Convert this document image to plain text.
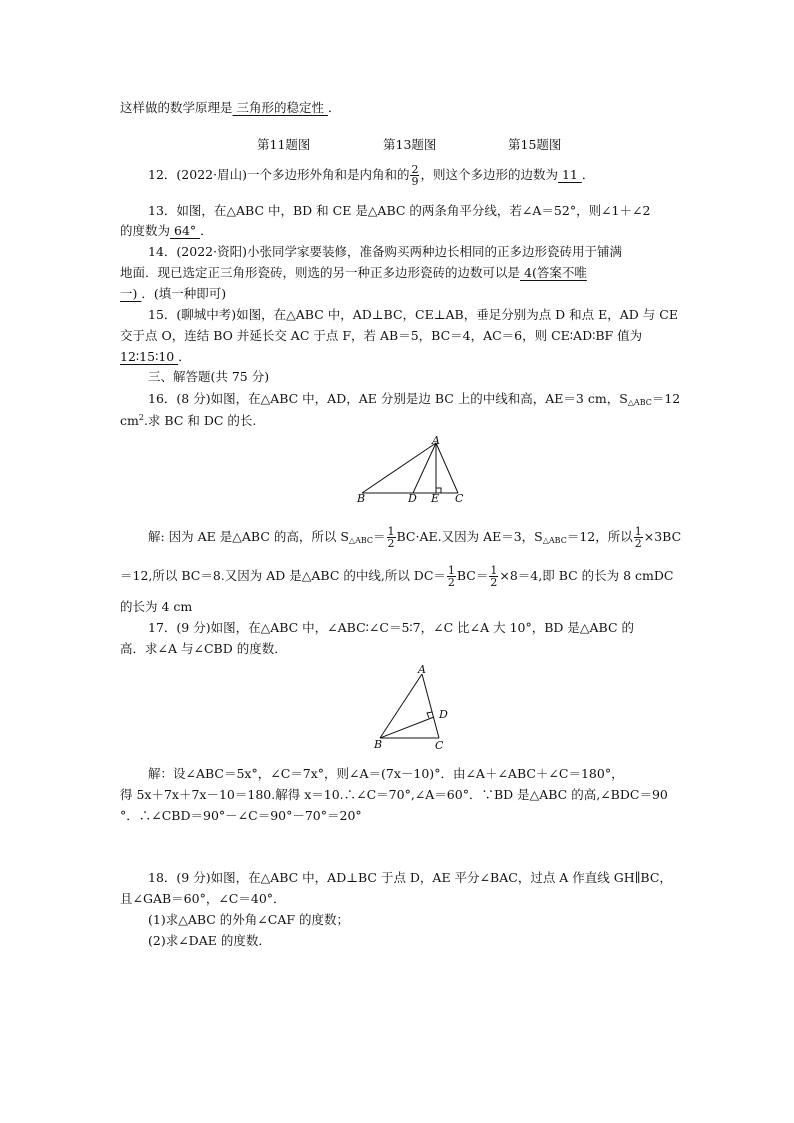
这样做的数学原理是 三角形的稳定性 ．
第11题图	第13题图	第15题图
12．(2022·眉山)一个多边形外角和是内角和的 $\frac{2}{9}$ ，则这个多边形的边数为 11 ．
13．如图，在△ABC 中，BD 和 CE 是△ABC 的两条角平分线，若∠A＝52°，则∠1＋∠2
的度数为 64° ．
14．(2022·资阳)小张同学家要装修，准备购买两种边长相同的正多边形瓷砖用于铺满
地面．现已选定正三角形瓷砖，则选的另一种正多边形瓷砖的边数可以是 4(答案不唯
一) ．(填一种即可)
15．(聊城中考)如图，在△ABC 中，AD⊥BC，CE⊥AB，垂足分别为点 D 和点 E，AD 与 CE
交于点 O，连结 BO 并延长交 AC 于点 F，若 AB＝5，BC＝4，AC＝6，则 CE∶AD∶BF 值为
12∶15∶10 ．
三、解答题(共 75 分)
16．(8 分)如图，在△ABC 中，AD，AE 分别是边 BC 上的中线和高，AE＝3 cm，$S_{\triangle ABC}=12$
$cm^2$.求 BC 和 DC 的长.
A
B	D E C
解: 因为 AE 是△ABC 的高，所以 $S_{\triangle ABC}= \frac{1}{2} BC\cdot AE$.又因为 AE＝3，$S_{\triangle ABC}=12$，所以 $\frac{1}{2} \times 3BC$
＝12,所以 BC＝8.又因为 AD 是△ABC 的中线,所以 $DC= \frac{1}{2} BC= \frac{1}{2} \times 8=4$,即 BC 的长为 8 cmDC
的长为 4 cm
17．(9 分)如图，在△ABC 中，∠ABC∶∠C＝5∶7，∠C 比∠A 大 10°，BD 是△ABC 的
高．求∠A 与∠CBD 的度数．
A
B	C
D
解：设∠ABC＝5x°，∠C＝7x°，则∠A＝(7x－10)°．由∠A＋∠ABC＋∠C＝180°，
得 5x＋7x＋7x－10＝180.解得 x＝10.∴∠C＝70°,∠A＝60°．∵BD 是△ABC 的高,∠BDC＝90
°．∴∠CBD＝90°－∠C＝90°－70°＝20°
18．(9 分)如图，在△ABC 中，AD⊥BC 于点 D，AE 平分∠BAC，过点 A 作直线 GH∥BC，
且∠GAB＝60°，∠C＝40°．
(1)求△ABC 的外角∠CAF 的度数；
(2)求∠DAE 的度数．
